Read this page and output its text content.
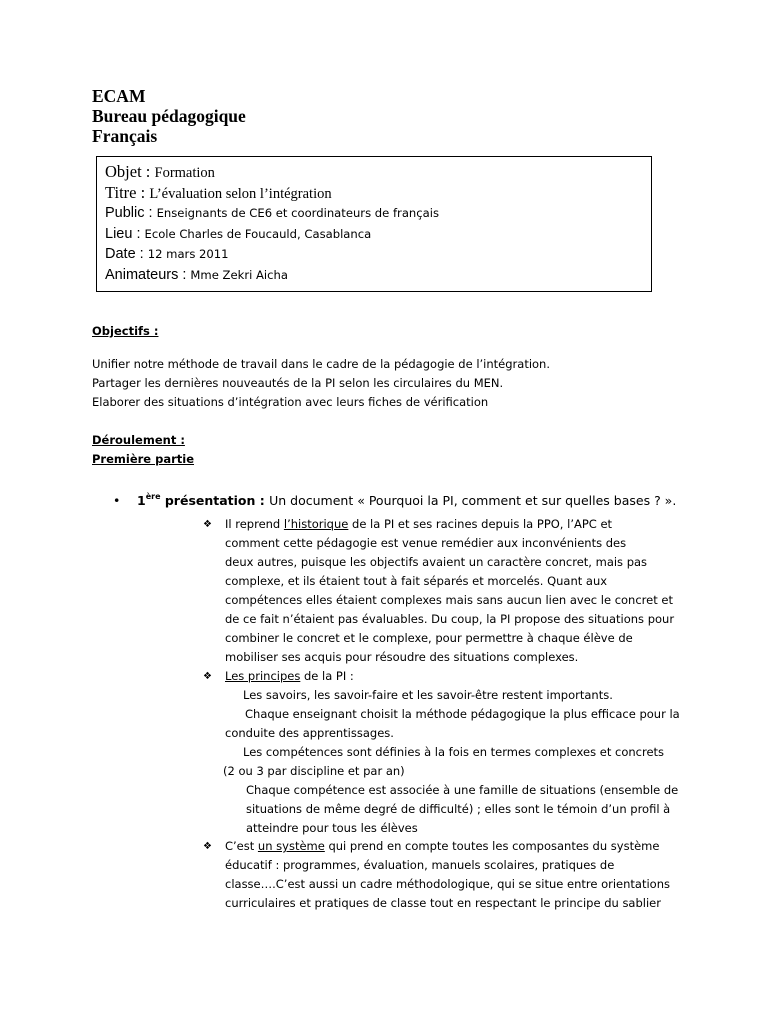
ECAM
Bureau pédagogique
Français
Objet : Formation
Titre : L’évaluation selon l’intégration
Public : Enseignants de CE6 et coordinateurs de français
Lieu : Ecole Charles de Foucauld, Casablanca
Date : 12 mars 2011
Animateurs : Mme Zekri Aicha
Objectifs :
Unifier notre méthode de travail dans le cadre de la pédagogie de l’intégration.
Partager les dernières nouveautés de la PI selon les circulaires du MEN.
Elaborer des situations d’intégration avec leurs fiches de vérification
Déroulement :
Première partie
• 1ère présentation : Un document « Pourquoi la PI, comment et sur quelles bases ? ».
❖ Il reprend l’historique de la PI et ses racines depuis la PPO, l’APC et
comment cette pédagogie est venue remédier aux inconvénients des
deux autres, puisque les objectifs avaient un caractère concret, mais pas
complexe, et ils étaient tout à fait séparés et morcelés. Quant aux
compétences elles étaient complexes mais sans aucun lien avec le concret et
de ce fait n’étaient pas évaluables. Du coup, la PI propose des situations pour
combiner le concret et le complexe, pour permettre à chaque élève de
mobiliser ses acquis pour résoudre des situations complexes.
❖ Les principes de la PI :
Les savoirs, les savoir-faire et les savoir-être restent importants.
Chaque enseignant choisit la méthode pédagogique la plus efficace pour la
conduite des apprentissages.
Les compétences sont définies à la fois en termes complexes et concrets
(2 ou 3 par discipline et par an)
Chaque compétence est associée à une famille de situations (ensemble de
situations de même degré de difficulté) ; elles sont le témoin d’un profil à
atteindre pour tous les élèves
❖ C’est un système qui prend en compte toutes les composantes du système
éducatif : programmes, évaluation, manuels scolaires, pratiques de
classe….C’est aussi un cadre méthodologique, qui se situe entre orientations
curriculaires et pratiques de classe tout en respectant le principe du sablier
